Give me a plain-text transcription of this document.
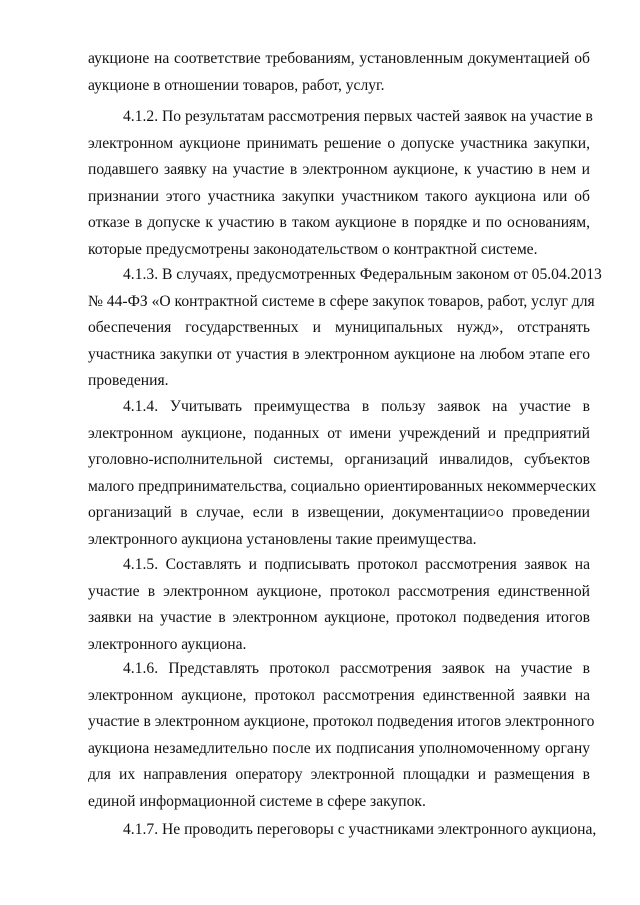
аукционе на соответствие требованиям, установленным документацией об
аукционе в отношении товаров, работ, услуг.
4.1.2. По результатам рассмотрения первых частей заявок на участие в
электронном аукционе принимать решение о допуске участника закупки,
подавшего заявку на участие в электронном аукционе, к участию в нем и
признании этого участника закупки участником такого аукциона или об
отказе в допуске к участию в таком аукционе в порядке и по основаниям,
которые предусмотрены законодательством о контрактной системе.
4.1.3. В случаях, предусмотренных Федеральным законом от 05.04.2013
№ 44-ФЗ «О контрактной системе в сфере закупок товаров, работ, услуг для
обеспечения государственных и муниципальных нужд», отстранять
участника закупки от участия в электронном аукционе на любом этапе его
проведения.
4.1.4. Учитывать преимущества в пользу заявок на участие в
электронном аукционе, поданных от имени учреждений и предприятий
уголовно-исполнительной системы, организаций инвалидов, субъектов
малого предпринимательства, социально ориентированных некоммерческих
организаций в случае, если в извещении, документации о проведении
электронного аукциона установлены такие преимущества.
4.1.5. Составлять и подписывать протокол рассмотрения заявок на
участие в электронном аукционе, протокол рассмотрения единственной
заявки на участие в электронном аукционе, протокол подведения итогов
электронного аукциона.
4.1.6. Представлять протокол рассмотрения заявок на участие в
электронном аукционе, протокол рассмотрения единственной заявки на
участие в электронном аукционе, протокол подведения итогов электронного
аукциона незамедлительно после их подписания уполномоченному органу
для их направления оператору электронной площадки и размещения в
единой информационной системе в сфере закупок.
4.1.7. Не проводить переговоры с участниками электронного аукциона,
